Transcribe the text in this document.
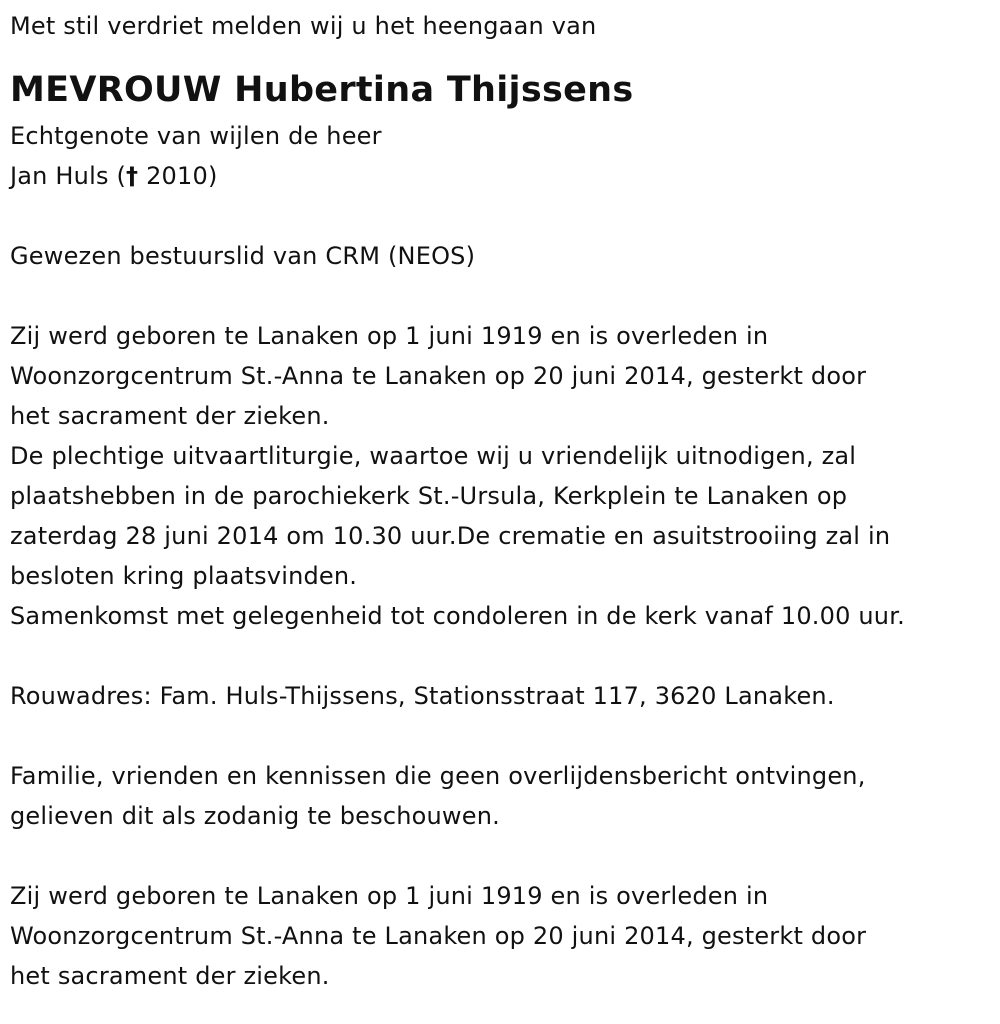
Met stil verdriet melden wij u het heengaan van
MEVROUW Hubertina Thijssens
Echtgenote van wijlen de heer
Jan Huls († 2010)
Gewezen bestuurslid van CRM (NEOS)
Zij werd geboren te Lanaken op 1 juni 1919 en is overleden in
Woonzorgcentrum St.-Anna te Lanaken op 20 juni 2014, gesterkt door
het sacrament der zieken.
De plechtige uitvaartliturgie, waartoe wij u vriendelijk uitnodigen, zal
plaatshebben in de parochiekerk St.-Ursula, Kerkplein te Lanaken op
zaterdag 28 juni 2014 om 10.30 uur.De crematie en asuitstrooiing zal in
besloten kring plaatsvinden.
Samenkomst met gelegenheid tot condoleren in de kerk vanaf 10.00 uur.
Rouwadres: Fam. Huls-Thijssens, Stationsstraat 117, 3620 Lanaken.
Familie, vrienden en kennissen die geen overlijdensbericht ontvingen,
gelieven dit als zodanig te beschouwen.
Zij werd geboren te Lanaken op 1 juni 1919 en is overleden in
Woonzorgcentrum St.-Anna te Lanaken op 20 juni 2014, gesterkt door
het sacrament der zieken.
